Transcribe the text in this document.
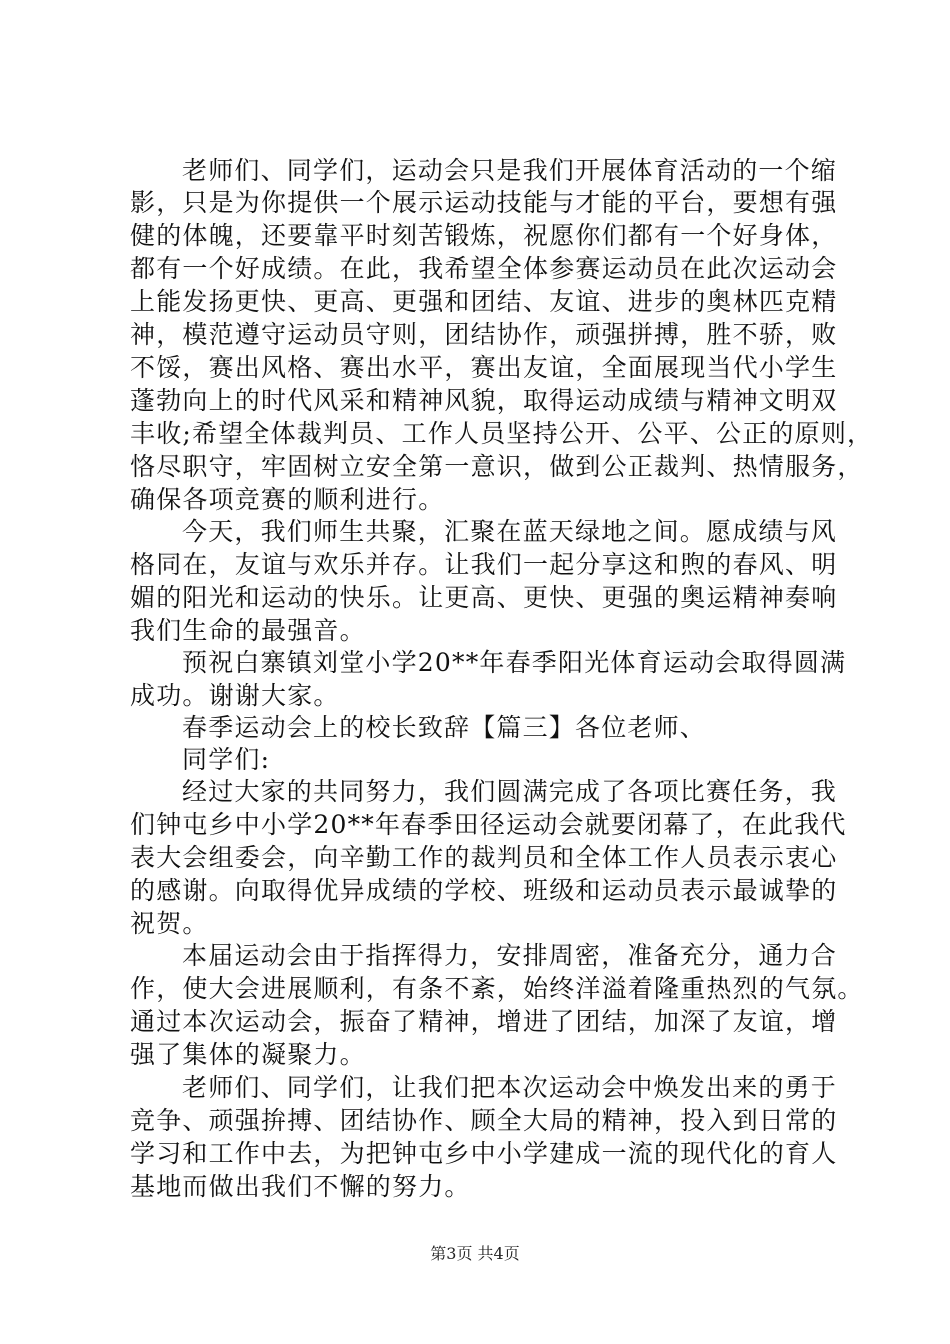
老师们、同学们，运动会只是我们开展体育活动的一个缩
影，只是为你提供一个展示运动技能与才能的平台，要想有强
健的体魄，还要靠平时刻苦锻炼，祝愿你们都有一个好身体，
都有一个好成绩。在此，我希望全体参赛运动员在此次运动会
上能发扬更快、更高、更强和团结、友谊、进步的奥林匹克精
神，模范遵守运动员守则，团结协作，顽强拼搏，胜不骄，败
不馁，赛出风格、赛出水平，赛出友谊，全面展现当代小学生
蓬勃向上的时代风采和精神风貌，取得运动成绩与精神文明双
丰收;希望全体裁判员、工作人员坚持公开、公平、公正的原则，
恪尽职守，牢固树立安全第一意识，做到公正裁判、热情服务，
确保各项竞赛的顺利进行。
今天，我们师生共聚，汇聚在蓝天绿地之间。愿成绩与风
格同在，友谊与欢乐并存。让我们一起分享这和煦的春风、明
媚的阳光和运动的快乐。让更高、更快、更强的奥运精神奏响
我们生命的最强音。
预祝白寨镇刘堂小学20**年春季阳光体育运动会取得圆满
成功。谢谢大家。
春季运动会上的校长致辞【篇三】各位老师、
同学们:
经过大家的共同努力，我们圆满完成了各项比赛任务，我
们钟屯乡中小学20**年春季田径运动会就要闭幕了，在此我代
表大会组委会，向辛勤工作的裁判员和全体工作人员表示衷心
的感谢。向取得优异成绩的学校、班级和运动员表示最诚挚的
祝贺。
本届运动会由于指挥得力，安排周密，准备充分，通力合
作，使大会进展顺利，有条不紊，始终洋溢着隆重热烈的气氛。
通过本次运动会，振奋了精神，增进了团结，加深了友谊，增
强了集体的凝聚力。
老师们、同学们，让我们把本次运动会中焕发出来的勇于
竞争、顽强拚搏、团结协作、顾全大局的精神，投入到日常的
学习和工作中去，为把钟屯乡中小学建成一流的现代化的育人
基地而做出我们不懈的努力。
第3页 共4页
